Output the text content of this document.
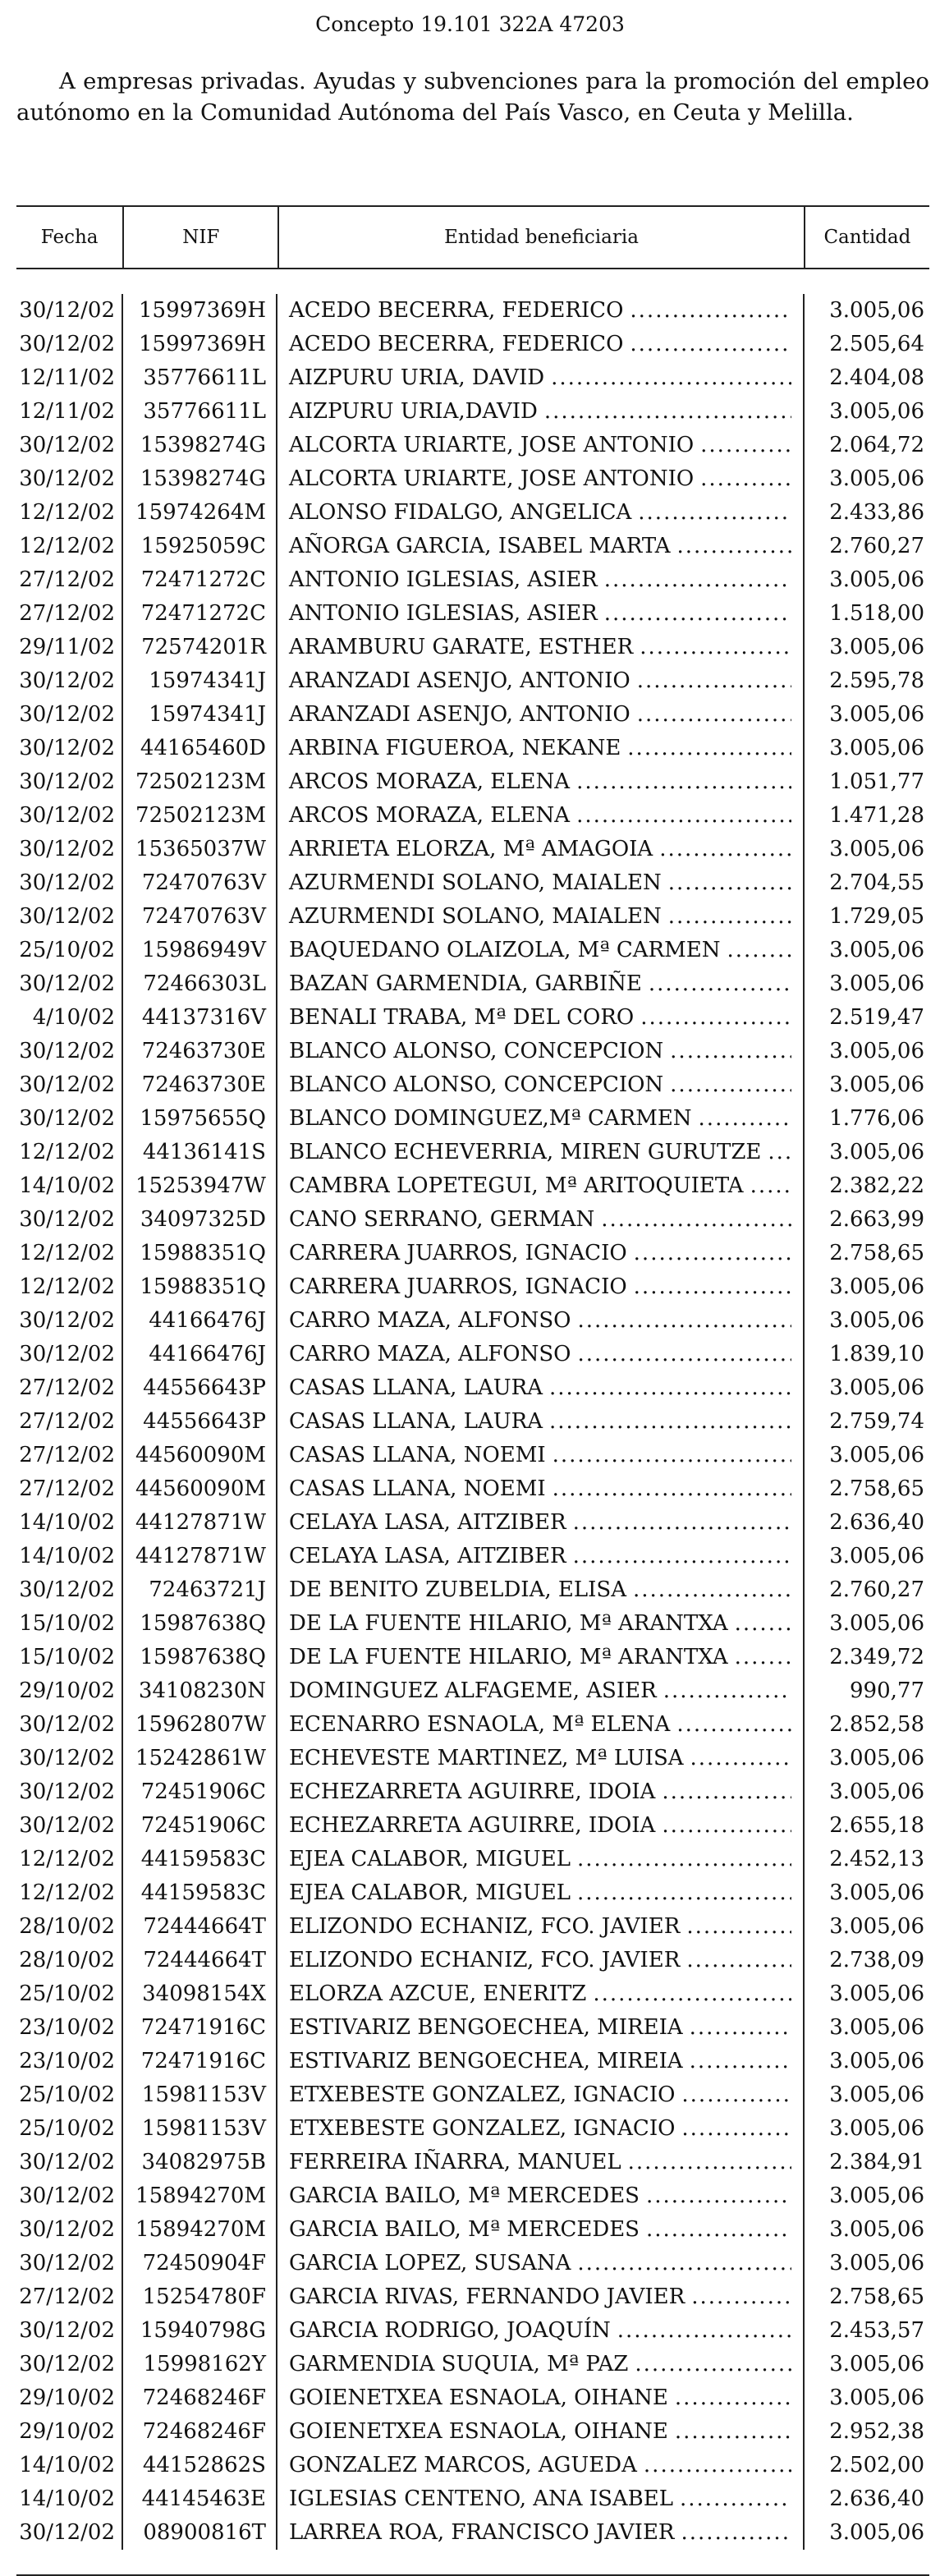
Concepto 19.101 322A 47203

A empresas privadas. Ayudas y subvenciones para la promoción del empleo autónomo en la Comunidad Autónoma del País Vasco, en Ceuta y Melilla.

Fecha	NIF	Entidad beneficiaria	Cantidad
30/12/02	15997369H	ACEDO BECERRA, FEDERICO .....	3.005,06
30/12/02	15997369H	ACEDO BECERRA, FEDERICO .....	2.505,64
12/11/02	35776611L	AIZPURU URIA, DAVID .....	2.404,08
12/11/02	35776611L	AIZPURU URIA,DAVID .....	3.005,06
30/12/02	15398274G	ALCORTA URIARTE, JOSE ANTONIO .....	2.064,72
30/12/02	15398274G	ALCORTA URIARTE, JOSE ANTONIO .....	3.005,06
12/12/02 15974264M	ALONSO FIDALGO, ANGELICA .....	2.433,86
12/12/02	15925059C	AÑORGA GARCIA, ISABEL MARTA .....	2.760,27
27/12/02	72471272C	ANTONIO IGLESIAS, ASIER .....	3.005,06
27/12/02	72471272C	ANTONIO IGLESIAS, ASIER .....	1.518,00
29/11/02	72574201R	ARAMBURU GARATE, ESTHER .....	3.005,06
30/12/02	15974341J	ARANZADI ASENJO, ANTONIO .....	2.595,78
30/12/02	15974341J	ARANZADI ASENJO, ANTONIO .....	3.005,06
30/12/02	44165460D	ARBINA FIGUEROA, NEKANE .....	3.005,06
30/12/02 72502123M	ARCOS MORAZA, ELENA .....	1.051,77
30/12/02 72502123M	ARCOS MORAZA, ELENA .....	1.471,28
30/12/02 15365037W	ARRIETA ELORZA, Mª AMAGOIA .....	3.005,06
30/12/02	72470763V	AZURMENDI SOLANO, MAIALEN .....	2.704,55
30/12/02	72470763V	AZURMENDI SOLANO, MAIALEN .....	1.729,05
25/10/02	15986949V	BAQUEDANO OLAIZOLA, Mª CARMEN .....	3.005,06
30/12/02	72466303L	BAZAN GARMENDIA, GARBIÑE .....	3.005,06
4/10/02	44137316V	BENALI TRABA, Mª DEL CORO .....	2.519,47
30/12/02	72463730E	BLANCO ALONSO, CONCEPCION .....	3.005,06
30/12/02	72463730E	BLANCO ALONSO, CONCEPCION .....	3.005,06
30/12/02	15975655Q	BLANCO DOMINGUEZ,Mª CARMEN .....	1.776,06
12/12/02	44136141S	BLANCO ECHEVERRIA, MIREN GURUTZE .....	3.005,06
14/10/02 15253947W	CAMBRA LOPETEGUI, Mª ARITOQUIETA .....	2.382,22
30/12/02	34097325D	CANO SERRANO, GERMAN .....	2.663,99
12/12/02	15988351Q	CARRERA JUARROS, IGNACIO .....	2.758,65
12/12/02	15988351Q	CARRERA JUARROS, IGNACIO .....	3.005,06
30/12/02	44166476J	CARRO MAZA, ALFONSO .....	3.005,06
30/12/02	44166476J	CARRO MAZA, ALFONSO .....	1.839,10
27/12/02	44556643P	CASAS LLANA, LAURA .....	3.005,06
27/12/02	44556643P	CASAS LLANA, LAURA .....	2.759,74
27/12/02 44560090M	CASAS LLANA, NOEMI .....	3.005,06
27/12/02 44560090M	CASAS LLANA, NOEMI .....	2.758,65
14/10/02 44127871W	CELAYA LASA, AITZIBER .....	2.636,40
14/10/02 44127871W	CELAYA LASA, AITZIBER .....	3.005,06
30/12/02	72463721J	DE BENITO ZUBELDIA, ELISA .....	2.760,27
15/10/02	15987638Q	DE LA FUENTE HILARIO, Mª ARANTXA .....	3.005,06
15/10/02	15987638Q	DE LA FUENTE HILARIO, Mª ARANTXA .....	2.349,72
29/10/02	34108230N	DOMINGUEZ ALFAGEME, ASIER .....	990,77
30/12/02 15962807W	ECENARRO ESNAOLA, Mª ELENA .....	2.852,58
30/12/02 15242861W	ECHEVESTE MARTINEZ, Mª LUISA .....	3.005,06
30/12/02	72451906C	ECHEZARRETA AGUIRRE, IDOIA .....	3.005,06
30/12/02	72451906C	ECHEZARRETA AGUIRRE, IDOIA .....	2.655,18
12/12/02	44159583C	EJEA CALABOR, MIGUEL .....	2.452,13
12/12/02	44159583C	EJEA CALABOR, MIGUEL .....	3.005,06
28/10/02	72444664T	ELIZONDO ECHANIZ, FCO. JAVIER .....	3.005,06
28/10/02	72444664T	ELIZONDO ECHANIZ, FCO. JAVIER .....	2.738,09
25/10/02	34098154X	ELORZA AZCUE, ENERITZ .....	3.005,06
23/10/02	72471916C	ESTIVARIZ BENGOECHEA, MIREIA .....	3.005,06
23/10/02	72471916C	ESTIVARIZ BENGOECHEA, MIREIA .....	3.005,06
25/10/02	15981153V	ETXEBESTE GONZALEZ, IGNACIO .....	3.005,06
25/10/02	15981153V	ETXEBESTE GONZALEZ, IGNACIO .....	3.005,06
30/12/02	34082975B	FERREIRA IÑARRA, MANUEL .....	2.384,91
30/12/02 15894270M	GARCIA BAILO, Mª MERCEDES .....	3.005,06
30/12/02 15894270M	GARCIA BAILO, Mª MERCEDES .....	3.005,06
30/12/02	72450904F	GARCIA LOPEZ, SUSANA .....	3.005,06
27/12/02	15254780F	GARCIA RIVAS, FERNANDO JAVIER .....	2.758,65
30/12/02	15940798G	GARCIA RODRIGO, JOAQUÍN .....	2.453,57
30/12/02	15998162Y	GARMENDIA SUQUIA, Mª PAZ .....	3.005,06
29/10/02	72468246F	GOIENETXEA ESNAOLA, OIHANE .....	3.005,06
29/10/02	72468246F	GOIENETXEA ESNAOLA, OIHANE .....	2.952,38
14/10/02	44152862S	GONZALEZ MARCOS, AGUEDA .....	2.502,00
14/10/02	44145463E	IGLESIAS CENTENO, ANA ISABEL .....	2.636,40
30/12/02	08900816T	LARREA ROA, FRANCISCO JAVIER .....	3.005,06
